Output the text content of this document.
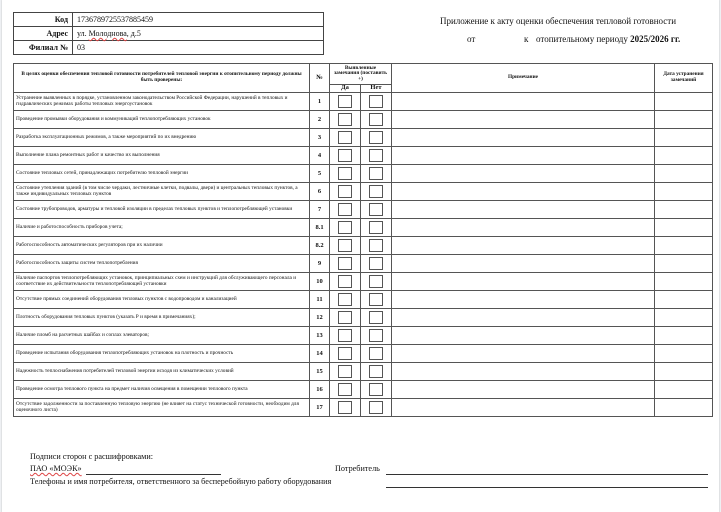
Код	1736789725537885459
Адрес	ул. Молоднова, д.5
Филиал №	03
Приложение к акту оценки обеспечения тепловой готовности
от	к отопительному периоду 2025/2026 гг.
В целях оценки обеспечения тепловой готовности потребителей тепловой энергии к отопительному периоду должны быть проверены:	№	Выявленные замечания (поставить +)		Примечание	Дата устранения замечаний
		Да	Нет		
Устранение выявленных в порядке, установленном законодательством Российской Федерации, нарушений в тепловых и гидравлических режимах работы тепловых энергоустановок	1				
Проведение промывки оборудования и коммуникаций теплопотребляющих установок	2				
Разработка эксплуатационных режимов, а также мероприятий по их внедрению	3				
Выполнение плана ремонтных работ и качество их выполнения	4				
Состояние тепловых сетей, принадлежащих потребителю тепловой энергии	5				
Состояние утепления зданий (в том числе чердаки, лестничные клетки, подвалы, двери) и центральных тепловых пунктов, а также индивидуальных тепловых пунктов	6				
Состояние трубопроводов, арматуры и тепловой изоляции в пределах тепловых пунктов и теплопотребляющей установки	7				
Наличие и работоспособность приборов учета;	8.1				
Работоспособность автоматических регуляторов при их наличии	8.2				
Работоспособность защиты систем теплопотребления	9				
Наличие паспортов теплопотребляющих установок, принципиальных схем и инструкций для обслуживающего персонала и соответствие их действительности теплопотребляющей установки	10				
Отсутствие прямых соединений оборудования тепловых пунктов с водопроводом и канализацией	11				
Плотность оборудования тепловых пунктов (указать Р и время в примечаниях);	12				
Наличие пломб на расчетных шайбах и соплах элеваторов;	13				
Проведение испытания оборудования теплопотребляющих установок на плотность и прочность	14				
Надежность теплоснабжения потребителей тепловой энергии исходя из климатических условий	15				
Проведение осмотра теплового пункта на предмет наличия освещения в помещении теплового пункта	16				
Отсутствие задолженности за поставленную тепловую энергию (не влияет на статус технической готовности, необходим для оценочного листа)	17				
Подписи сторон с расшифровками:
ПАО «МОЭК»	Потребитель
Телефоны и имя потребителя, ответственного за бесперебойную работу оборудования
